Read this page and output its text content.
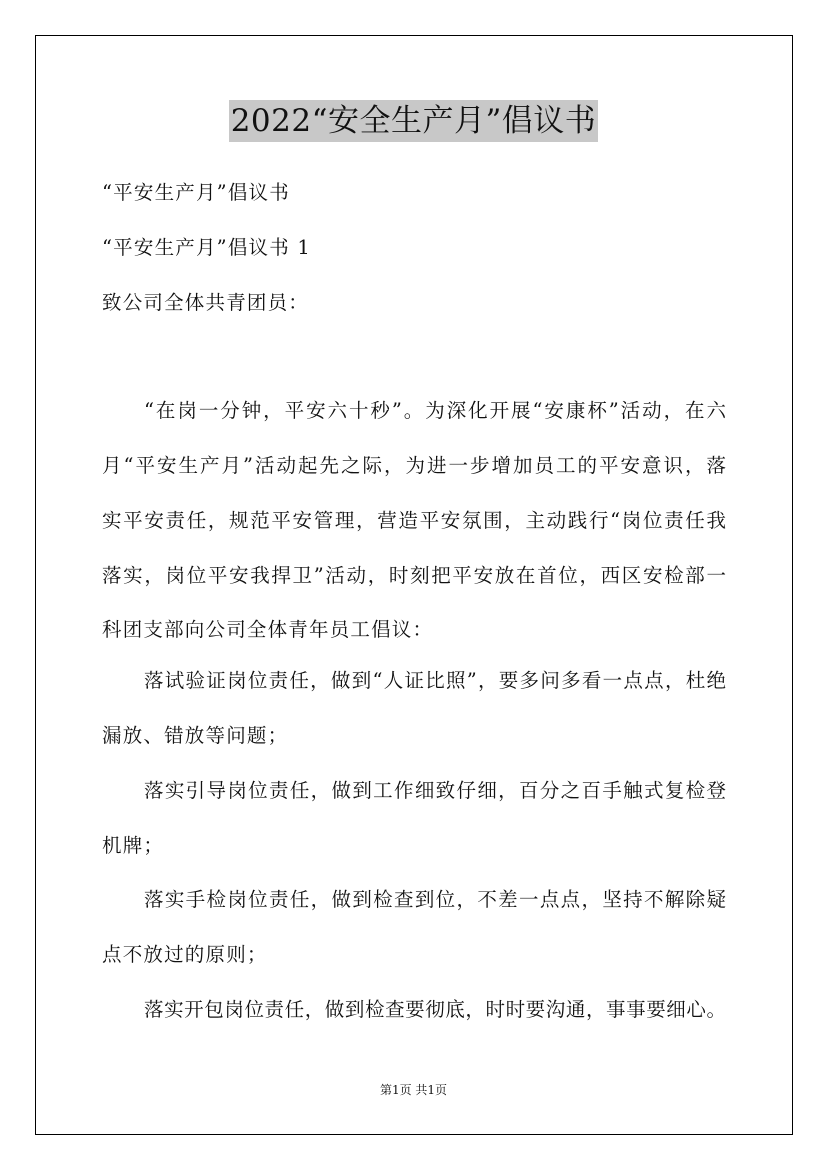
2022“安全生产月”倡议书
“平安生产月”倡议书
“平安生产月”倡议书 1
致公司全体共青团员：
“在岗一分钟，平安六十秒”。为深化开展“安康杯”活动，在六
月“平安生产月”活动起先之际，为进一步增加员工的平安意识，落
实平安责任，规范平安管理，营造平安氛围，主动践行“岗位责任我
落实，岗位平安我捍卫”活动，时刻把平安放在首位，西区安检部一
科团支部向公司全体青年员工倡议：
落试验证岗位责任，做到“人证比照”，要多问多看一点点，杜绝
漏放、错放等问题；
落实引导岗位责任，做到工作细致仔细，百分之百手触式复检登
机牌；
落实手检岗位责任，做到检查到位，不差一点点，坚持不解除疑
点不放过的原则；
落实开包岗位责任，做到检查要彻底，时时要沟通，事事要细心。
第1页 共1页
